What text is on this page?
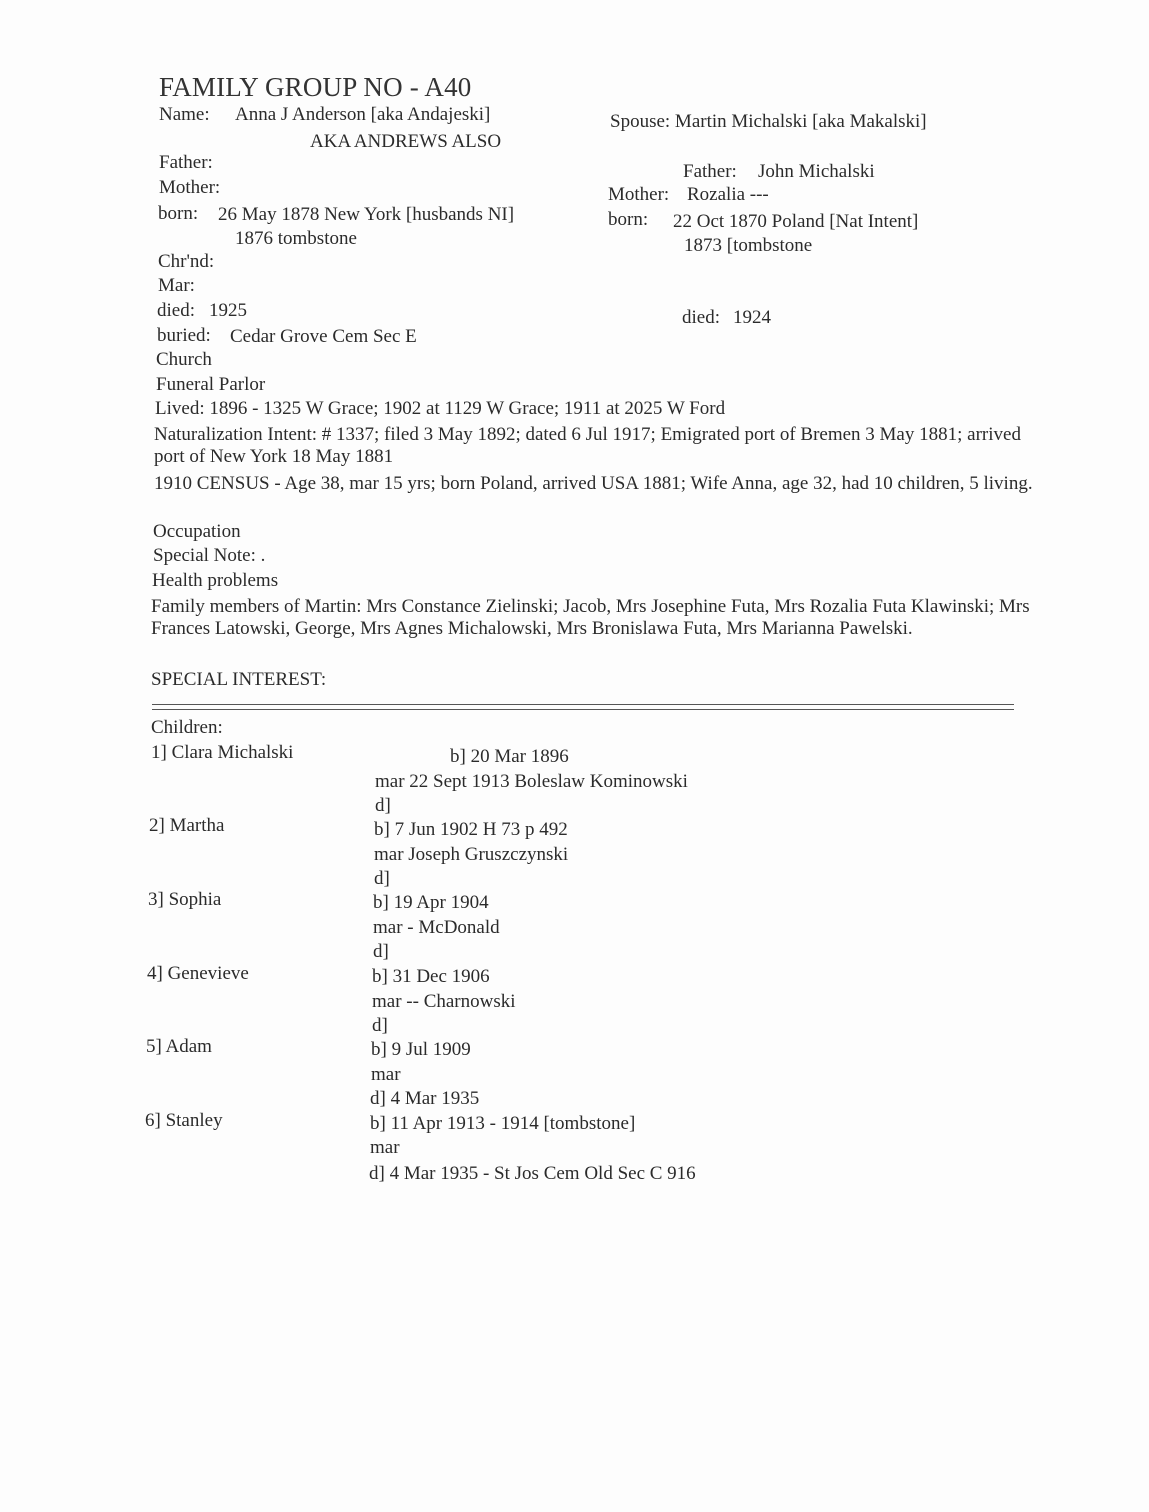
FAMILY GROUP NO - A40
Name: Anna J Anderson [aka Andajeski]
AKA ANDREWS ALSO
Father:
Mother:
born: 26 May 1878 New York [husbands NI]
1876 tombstone
Chr'nd:
Mar:
died: 1925
buried: Cedar Grove Cem Sec E
Church
Funeral Parlor
Spouse: Martin Michalski [aka Makalski]
Father: John Michalski
Mother: Rozalia ---
born: 22 Oct 1870 Poland [Nat Intent]
1873 [tombstone
died: 1924
Lived: 1896 - 1325 W Grace; 1902 at 1129 W Grace; 1911 at 2025 W Ford
Naturalization Intent: # 1337; filed 3 May 1892; dated 6 Jul 1917; Emigrated port of Bremen 3 May 1881; arrived port of New York 18 May 1881
1910 CENSUS - Age 38, mar 15 yrs; born Poland, arrived USA 1881; Wife Anna, age 32, had 10 children, 5 living.
Occupation
Special Note: .
Health problems
Family members of Martin: Mrs Constance Zielinski; Jacob, Mrs Josephine Futa, Mrs Rozalia Futa Klawinski; Mrs Frances Latowski, George, Mrs Agnes Michalowski, Mrs Bronislawa Futa, Mrs Marianna Pawelski.
SPECIAL INTEREST:
Children:
1] Clara Michalski	b] 20 Mar 1896
mar 22 Sept 1913 Boleslaw Kominowski
d]
2] Martha	b] 7 Jun 1902 H 73 p 492
mar Joseph Gruszczynski
d]
3] Sophia	b] 19 Apr 1904
mar - McDonald
d]
4] Genevieve	b] 31 Dec 1906
mar -- Charnowski
d]
5] Adam	b] 9 Jul 1909
mar
d] 4 Mar 1935
6] Stanley	b] 11 Apr 1913 - 1914 [tombstone]
mar
d] 4 Mar 1935 - St Jos Cem Old Sec C 916
